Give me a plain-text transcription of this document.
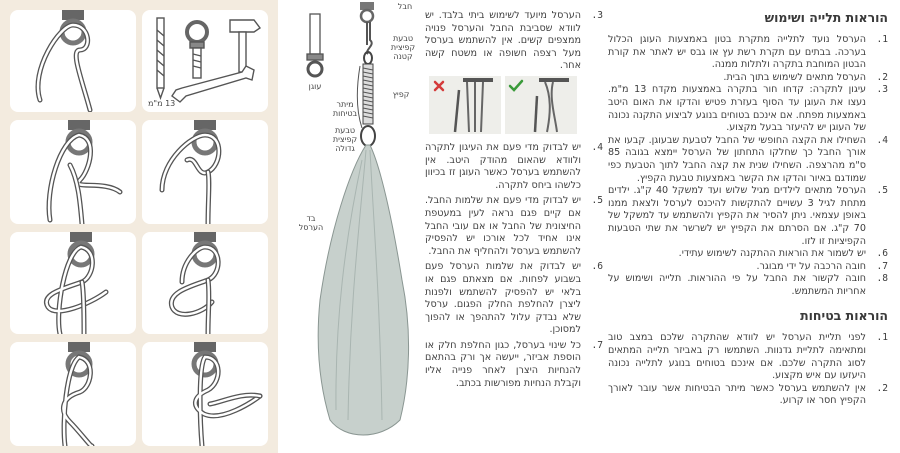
13 מ"מ
חבל
טבעת
קפיצית
קטנה
עוגן
קפיץ
מיתר
בטיחות
טבעת
קפיצית
גדולה
בד
הערסל
3.
הערסל מיועד לשימוש ביתי בלבד. יש לוודא שסביבת החבל והערסל פנויה ממצפים קשים. אין להשתמש בערסל מעל רצפה חשופה או משטח קשה אחר.
4.
יש לבדוק מדי פעם את העיגון לתקרה ולוודא שהאום מהודק היטב. אין להשתמש בערסל כאשר העוגן זז בכיוון כלשהו ביחס לתקרה.
5.
יש לבדוק מדי פעם את שלמות החבל. אם קיים פגם נראה לעין במעטפת החיצונית של החבל או אם עובי החבל אינו אחיד לכל אורכו יש להפסיק להשתמש בערסל ולהחליף את החבל.
6.
יש לבדוק את שלמות הערסל פעם בשבוע לפחות. אם מצאתם פגם או בלאי יש להפסיק להשתמש ולפנות ליצרן להחלפת החלק הפגום. ערסל שלא נבדק עלול להתהפך או להפוך למסוכן.
7.
כל שינוי בערסל, כגון החלפת חלק או הוספת אביזר, ייעשה אך ורק בהתאם להנחיות היצרן לאחר פנייה אליו וקבלת הנחיות מפורשות בכתב.
הוראות תלייה ושימוש
1.
הערסל נועד לתלייה מתקרת בטון באמצעות העוגן הכלול בערכה. בבתים עם תקרת רשת עץ או גבס יש לאתר את קורת הבטון המוחבת בתקרה ולתלות ממנה.
2.
הערסל מתאים לשימוש בתוך הבית.
3.
עיגון לתקרה: קדחו חור בתקרה באמצעות מקדח 13 מ"מ. נעצו את העוגן עד הסוף בעזרת פטיש והדקו את האום היטב באמצעות מפתח. אם אינכם בטוחים בנוגע לביצוע התקנה נכונה של העוגן יש להיעזר בבעל מקצוע.
4.
השחילו את הקצה החופשי של החבל לטבעת שבעוגן. קבעו את אורך החבל כך שחלקו התחתון של הערסל יימצא בגובה 85 ס"מ מהרצפה. השחילו שנית את קצה החבל לתוך הטבעת כפי שמודגם באיור והדקו את הקשר באמצעות טבעת הקפיץ.
5.
הערסל מתאים לילדים מגיל שלוש ועד למשקל 40 ק"ג. ילדים מתחת לגיל 3 עשויים להתקשות להיכנס לערסל ולצאת ממנו באופן עצמאי. ניתן להסיר את הקפיץ ולהשתמש עד למשקל של 70 ק"ג. אם הסרתם את הקפיץ יש לשרשר את שתי הטבעות הקפיציות זו לזו.
6.
יש לשמור את הוראות ההתקנה לשימוש עתידי.
7.
חובה הרכבה על ידי מבוגר.
8.
חובה לקשור את החבל על פי ההוראות. תלייה ושימוש על אחריות המשתמש.
הוראות בטיחות
1.
לפני תליית הערסל יש לוודא שהתקרה שלכם במצב טוב ומתאימה לתליית גדנוות. השתמשו רק באביזר תלייה המתאים לסוג התקרה שלכם. אם אינכם בטוחים בנוגע לתלייה נכונה היעזעו עם איש מקצוע.
2.
אין להשתמש בערסל כאשר מיתר הבטיחות אשר עובר לאורך הקפיץ חסר או קרוע.
